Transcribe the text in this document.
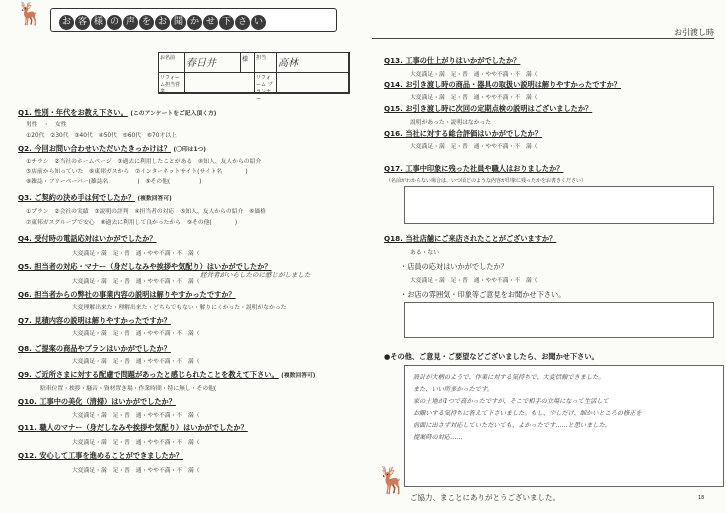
🦌	お 客 様 の 声 を お 聞 か せ 下 さ い
お引渡し時
お名前	春日井	様	担当	高林
リフォーム担当営業
リフォーム プランナー
Q1. 性別・年代をお教え下さい。 (このアンケートをご記入頂く方)
男性　・　女性
①20代　②30代　③40代　④50代　⑤60代　⑥70才以上
Q2. 今回お問い合わせいただいたきっかけは？ (〇印は1つ)
①チラシ　②当社のホームページ　③過去に利用したことがある　④知人、友人からの紹介
⑤店前から知っていた　⑥東邦ガスから　⑦インターネットサイト(サイト名　　　　)
⑧雑誌・フリーペーパー(雑誌名　　　　　)　⑨その他(　　　　　)
Q3. ご契約の決め手は何でしたか？ (複数回答可)
①プラン　②会社の実績　③説明の評判　④担当者の対応　⑤知人、友人からの紹介　⑥価格
⑦東邦ガスグループで安心　⑧過去に利用して良かったから　⑨その他(　　　　)
Q4. 受付時の電話応対はいかがでしたか？
大変満足・満　足・普　通・やや不満・不　満（
Q5. 担当者の対応・マナー（身だしなみや挨拶や気配り）はいかがでしたか？
大変満足・満　足・普　通・やや不満・不　満（
経営者がいらしたのに感じがしました
Q6. 担当者からの弊社の事業内容の説明は解りやすかったですか？
大変理解出来た・理解出来た・どちらでもない・解りにくかった・説明がなかった
Q7. 見積内容の説明は解りやすかったですか？
大変満足・満　足・普　通・やや不満・不　満（
Q8. ご提案の商品やプランはいかがでしたか？
大変満足・満　足・普　通・やや不満・不　満（
Q9. ご近所さまに対する配慮で問題があったと感じられたことを教えて下さい。 (複数回答可)
駐車位置・挨拶・騒音・資材置き場・作業時間・特に無し・その他(
Q10. 工事中の美化（清掃）はいかがでしたか？
大変満足・満　足・普　通・やや不満・不　満（
Q11. 職人のマナー（身だしなみや挨拶や気配り）はいかがでしたか？
大変満足・満　足・普　通・やや不満・不　満（
Q12. 安心して工事を進めることができましたか？
大変満足・満　足・普　通・やや不満・不　満（
Q13. 工事の仕上がりはいかがでしたか？
大変満足・満　足・普　通・やや不満・不　満（
Q14. お引き渡し時の商品・器具の取扱い説明は解りやすかったですか？
大変満足・満　足・普　通・やや不満・不　満（
Q15. お引き渡し時に次回の定期点検の説明はございましたか？
説明があった・説明はなかった
Q16. 当社に対する総合評価はいかがでしたか？
大変満足・満　足・普　通・やや不満・不　満（
Q17. 工事中印象に残った社員や職人はおりましたか？
（名前がわからない場合は、いつ頃どのような内容が印象に残ったかをお書きください）
Q18. 当社店舗にご来店されたことがございますか？
ある・ない
・店員の応対はいかがでしたか？
大変満足・満　足・普　通・やや不満・不　満（
・お店の雰囲気・印象等ご意見をお聞かせ下さい。
●その他、ご意見・ご要望などございましたら、お聞かせ下さい。
設計が大柄のようで、作業に対する気持ちで、大変信頼できました。
また、いい所多かったです。
家の土地が1つで高かったですが、そこで相手の立場になって生活して
お願いする気持ちに答えて下さいました。もし、少しだけ、細かいところの修正を
前面に出さず対応していただいても、よかったです……と思いました。
提案時の対応……
🦌
ご協力、まことにありがとうございました。	18
